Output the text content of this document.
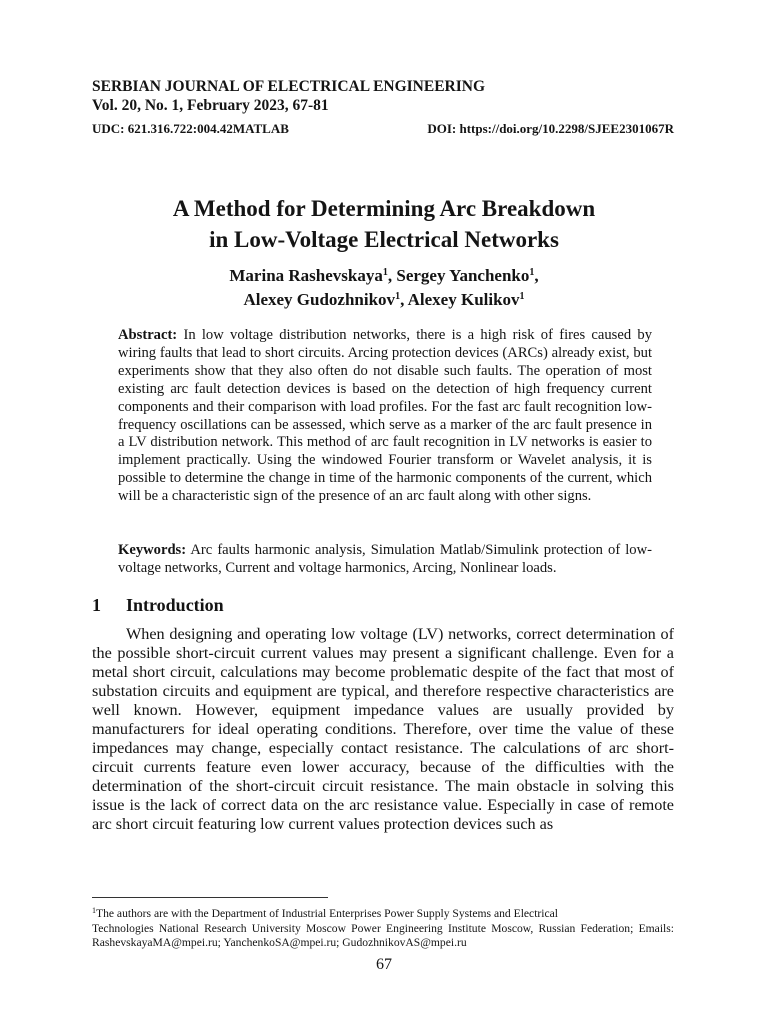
SERBIAN JOURNAL OF ELECTRICAL ENGINEERING
Vol. 20, No. 1, February 2023, 67-81
UDC: 621.316.722:004.42MATLAB	DOI: https://doi.org/10.2298/SJEE2301067R
A Method for Determining Arc Breakdown
in Low-Voltage Electrical Networks
Marina Rashevskaya$^1$, Sergey Yanchenko$^1$,
Alexey Gudozhnikov$^1$, Alexey Kulikov$^1$
Abstract: In low voltage distribution networks, there is a high risk of fires caused by wiring faults that lead to short circuits. Arcing protection devices (ARCs) already exist, but experiments show that they also often do not disable such faults. The operation of most existing arc fault detection devices is based on the detection of high frequency current components and their comparison with load profiles. For the fast arc fault recognition low-frequency oscillations can be assessed, which serve as a marker of the arc fault presence in a LV distribution network. This method of arc fault recognition in LV networks is easier to implement practically. Using the windowed Fourier transform or Wavelet analysis, it is possible to determine the change in time of the harmonic components of the current, which will be a characteristic sign of the presence of an arc fault along with other signs.
Keywords: Arc faults harmonic analysis, Simulation Matlab/Simulink protection of low-voltage networks, Current and voltage harmonics, Arcing, Nonlinear loads.
1 Introduction
When designing and operating low voltage (LV) networks, correct determination of the possible short-circuit current values may present a significant challenge. Even for a metal short circuit, calculations may become problematic despite of the fact that most of substation circuits and equipment are typical, and therefore respective characteristics are well known. However, equipment impedance values are usually provided by manufacturers for ideal operating conditions. Therefore, over time the value of these impedances may change, especially contact resistance. The calculations of arc short-circuit currents feature even lower accuracy, because of the difficulties with the determination of the short-circuit circuit resistance. The main obstacle in solving this issue is the lack of correct data on the arc resistance value. Especially in case of remote arc short circuit featuring low current values protection devices such as
$^1$The authors are with the Department of Industrial Enterprises Power Supply Systems and Electrical
Technologies National Research University Moscow Power Engineering Institute Moscow, Russian Federation; Emails: RashevskayaMA@mpei.ru; YanchenkoSA@mpei.ru; GudozhnikovAS@mpei.ru
67
